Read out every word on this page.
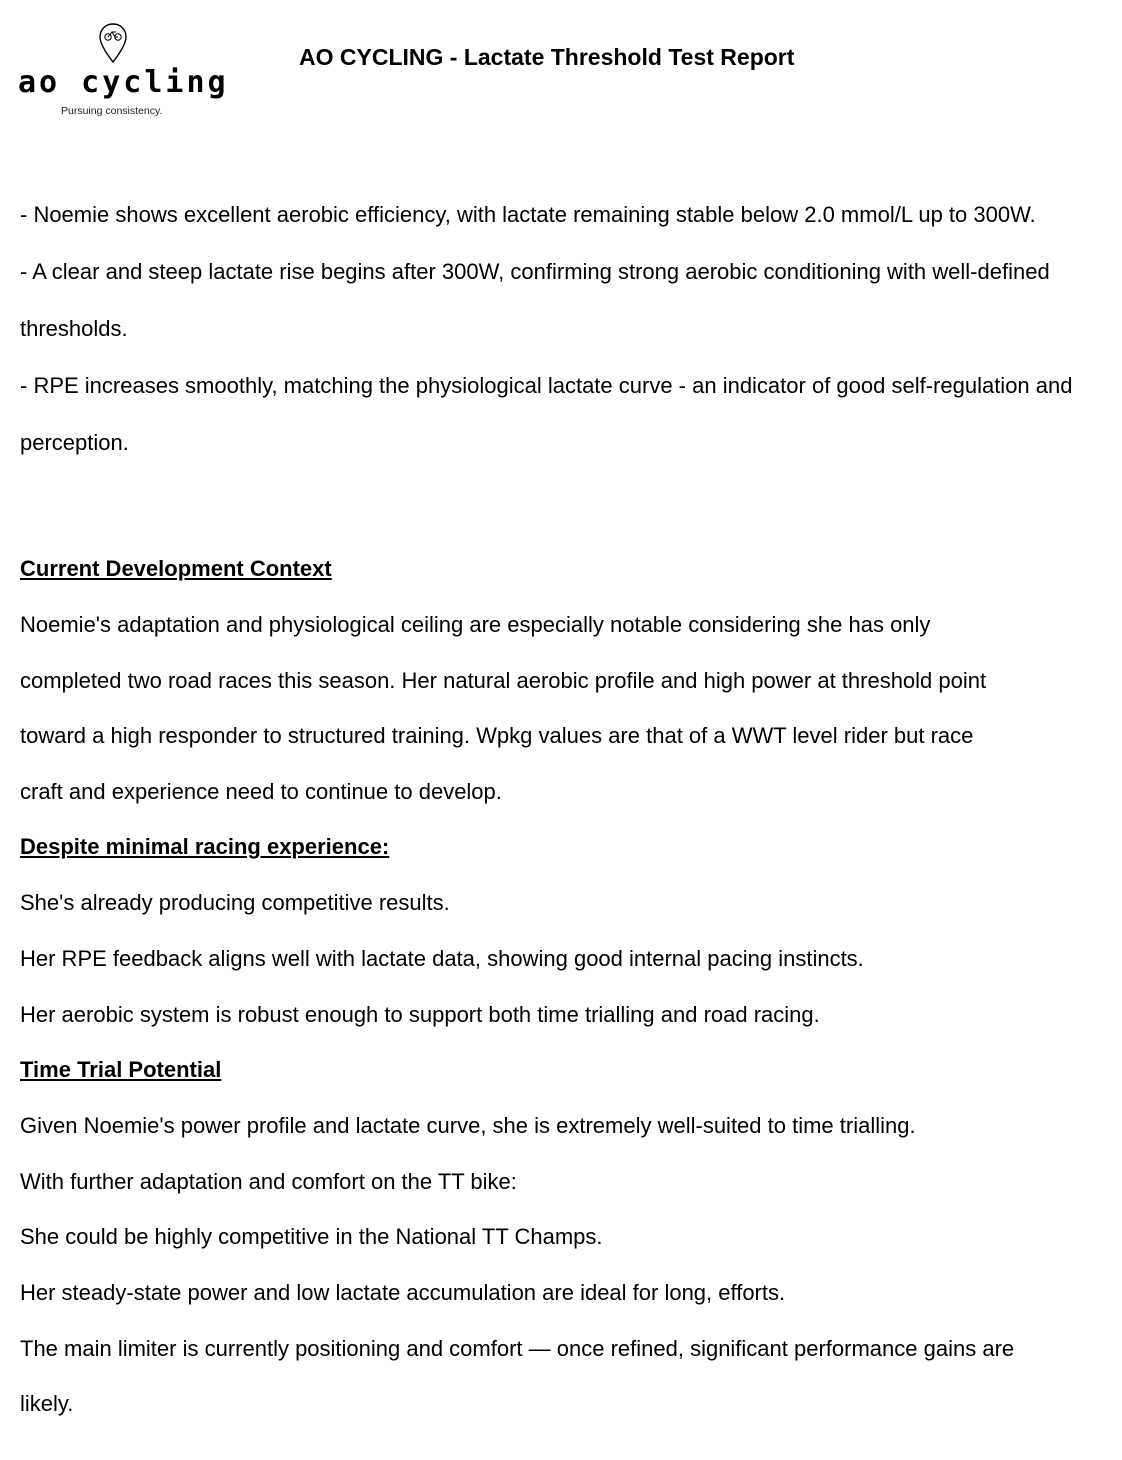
ao cycling
Pursuing consistency.
AO CYCLING - Lactate Threshold Test Report

- Noemie shows excellent aerobic efficiency, with lactate remaining stable below 2.0 mmol/L up to 300W.

- A clear and steep lactate rise begins after 300W, confirming strong aerobic conditioning with well-defined thresholds.

- RPE increases smoothly, matching the physiological lactate curve - an indicator of good self-regulation and perception.

Current Development Context

Noemie's adaptation and physiological ceiling are especially notable considering she has only

completed two road races this season. Her natural aerobic profile and high power at threshold point

toward a high responder to structured training. Wpkg values are that of a WWT level rider but race

craft and experience need to continue to develop.

Despite minimal racing experience:

She's already producing competitive results.

Her RPE feedback aligns well with lactate data, showing good internal pacing instincts.

Her aerobic system is robust enough to support both time trialling and road racing.

Time Trial Potential

Given Noemie's power profile and lactate curve, she is extremely well-suited to time trialling.

With further adaptation and comfort on the TT bike:

She could be highly competitive in the National TT Champs.

Her steady-state power and low lactate accumulation are ideal for long, efforts.

The main limiter is currently positioning and comfort — once refined, significant performance gains are

likely.
